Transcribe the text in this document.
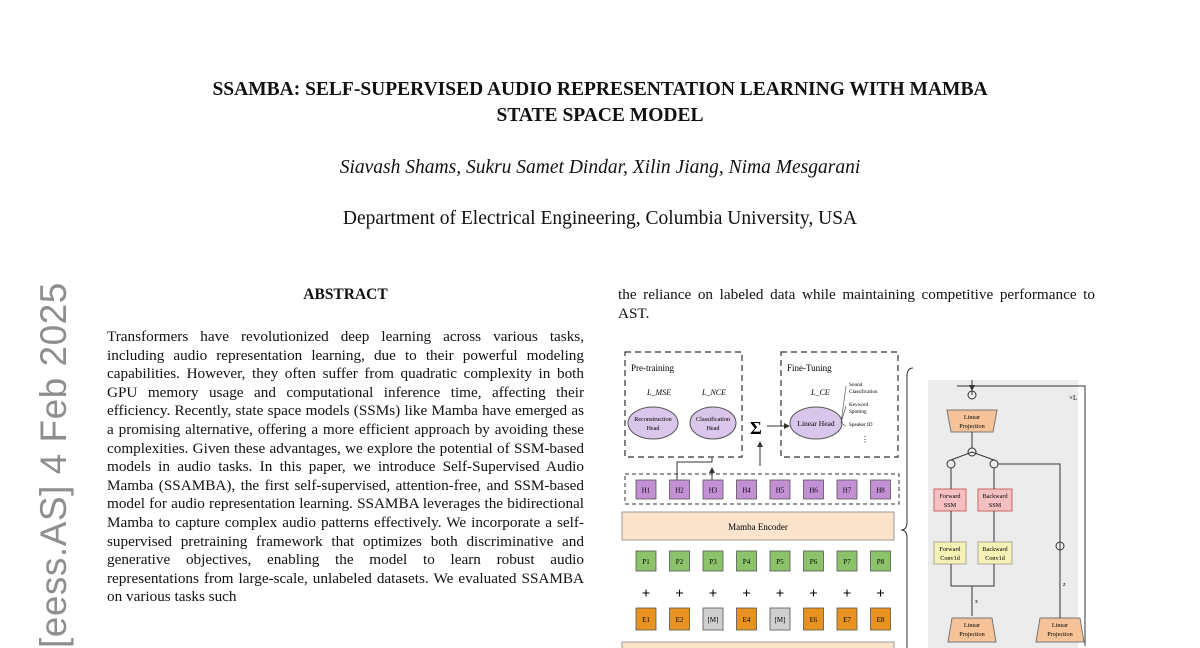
SSAMBA: SELF-SUPERVISED AUDIO REPRESENTATION LEARNING WITH MAMBA
STATE SPACE MODEL
Siavash Shams, Sukru Samet Dindar, Xilin Jiang, Nima Mesgarani
Department of Electrical Engineering, Columbia University, USA
[eess.AS] 4 Feb 2025	ABSTRACT
Transformers have revolutionized deep learning across various tasks, including audio representation learning, due to their powerful modeling capabilities. However, they often suffer from quadratic complexity in both GPU memory usage and computational inference time, affecting their efficiency. Recently, state space models (SSMs) like Mamba have emerged as a promising alternative, offering a more efficient approach by avoiding these complexities. Given these advantages, we explore the potential of SSM-based models in audio tasks. In this paper, we introduce Self-Supervised Audio Mamba (SSAMBA), the first self-supervised, attention-free, and SSM-based model for audio representation learning. SSAMBA leverages the bidirectional Mamba to capture complex audio patterns effectively. We incorporate a self-supervised pretraining framework that optimizes both discriminative and generative objectives, enabling the model to learn robust audio representations from large-scale, unlabeled datasets. We evaluated SSAMBA on various tasks such
the reliance on labeled data while maintaining competitive performance to AST.
Pre-training
L_MSE	L_NCE
Reconstruction
Head
Classification
Head
Fine-Tuning
L_CE
Linear Head
Sound
Classification
Keyword
Spotting
Speaker ID
⋮
Σ
H1	H2	H3	H4	H5	H6	H7	H8
Mamba Encoder
P1	P2	P3	P4	P5	P6	P7	P8
+ + + + + + + +
E1	E2	[M]	E4	[M]	E6	E7	E8
×L
Linear
Projection
Forward
SSM
Backward
SSM
Forward
Conv1d
Backward
Conv1d
x
Linear
Projection
Linear
Projection
z
